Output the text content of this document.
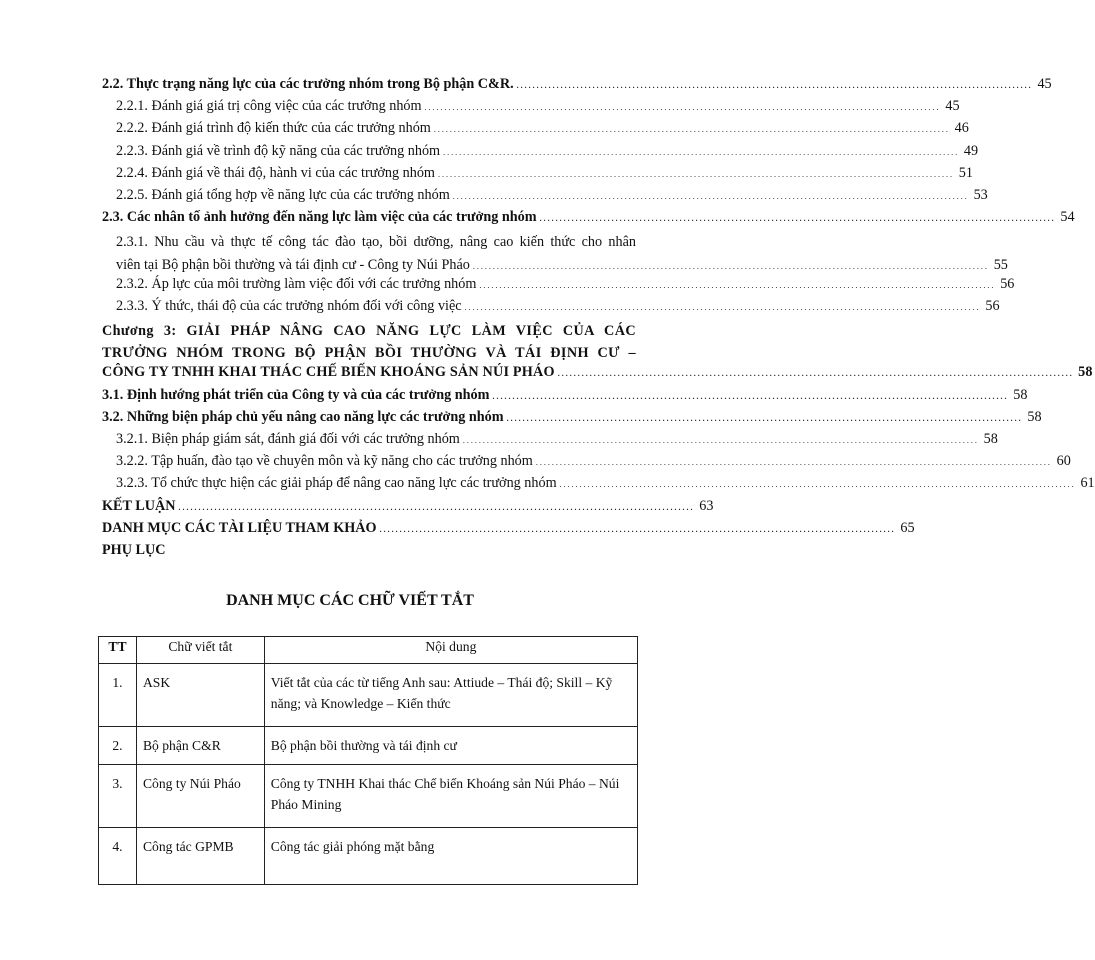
2.2. Thực trạng năng lực của các trưởng nhóm trong Bộ phận C&R. . . .	45
2.2.1. Đánh giá giá trị công việc của các trưởng nhóm . . .	45
2.2.2. Đánh giá trình độ kiến thức của các trưởng nhóm . . .	46
2.2.3. Đánh giá về trình độ kỹ năng của các trưởng nhóm . . .	49
2.2.4. Đánh giá về thái độ, hành vi của các trưởng nhóm . . .	51
2.2.5. Đánh giá tổng hợp về năng lực của các trưởng nhóm . . .	53
2.3. Các nhân tố ảnh hưởng đến năng lực làm việc của các trưởng nhóm . . .	54
2.3.1. Nhu cầu và thực tế công tác đào tạo, bồi dưỡng, nâng cao kiến thức cho nhân
viên tại Bộ phận bồi thường và tái định cư - Công ty Núi Pháo . . .	55
2.3.2. Áp lực của môi trường làm việc đối với các trưởng nhóm . . .	56
2.3.3. Ý thức, thái độ của các trưởng nhóm đối với công việc . . .	56
Chương 3: GIẢI PHÁP NÂNG CAO NĂNG LỰC LÀM VIỆC CỦA CÁC
TRƯỞNG NHÓM TRONG BỘ PHẬN BỒI THƯỜNG VÀ TÁI ĐỊNH CƯ –
CÔNG TY TNHH KHAI THÁC CHẾ BIẾN KHOÁNG SẢN NÚI PHÁO . . .	58
3.1. Định hướng phát triển của Công ty và của các trưởng nhóm . . .	58
3.2. Những biện pháp chủ yếu nâng cao năng lực các trưởng nhóm . . .	58
3.2.1. Biện pháp giám sát, đánh giá đối với các trưởng nhóm . . .	58
3.2.2. Tập huấn, đào tạo về chuyên môn và kỹ năng cho các trưởng nhóm . . .	60
3.2.3. Tổ chức thực hiện các giải pháp để nâng cao năng lực các trưởng nhóm . . .	61
KẾT LUẬN . . .	63
DANH MỤC CÁC TÀI LIỆU THAM KHẢO . . .	65
PHỤ LỤC
DANH MỤC CÁC CHỮ VIẾT TẮT
TT	Chữ viết tắt	Nội dung
1.	ASK	Viết tắt của các từ tiếng Anh sau: Attiude – Thái độ; Skill – Kỹ năng; và Knowledge – Kiến thức
2.	Bộ phận C&R	Bộ phận bồi thường và tái định cư
3.	Công ty Núi Pháo	Công ty TNHH Khai thác Chế biến Khoáng sản Núi Pháo – Núi Pháo Mining
4.	Công tác GPMB	Công tác giải phóng mặt bằng
